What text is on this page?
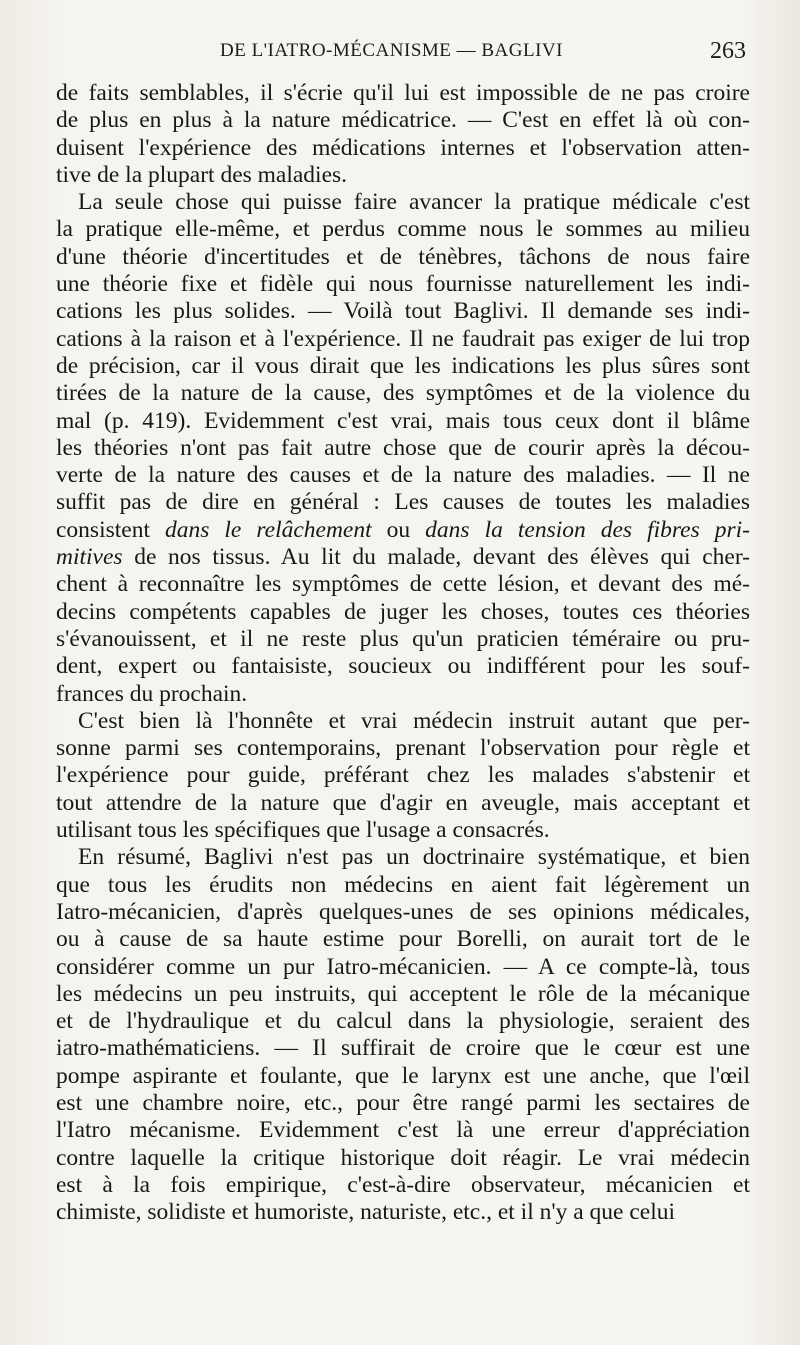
DE L'IATRO-MÉCANISME — BAGLIVI	263
de faits semblables, il s'écrie qu'il lui est impossible de ne pas croire
de plus en plus à la nature médicatrice. — C'est en effet là où con-
duisent l'expérience des médications internes et l'observation atten-
tive de la plupart des maladies.
La seule chose qui puisse faire avancer la pratique médicale c'est
la pratique elle-même, et perdus comme nous le sommes au milieu
d'une théorie d'incertitudes et de ténèbres, tâchons de nous faire
une théorie fixe et fidèle qui nous fournisse naturellement les indi-
cations les plus solides. — Voilà tout Baglivi. Il demande ses indi-
cations à la raison et à l'expérience. Il ne faudrait pas exiger de lui trop
de précision, car il vous dirait que les indications les plus sûres sont
tirées de la nature de la cause, des symptômes et de la violence du
mal (p. 419). Evidemment c'est vrai, mais tous ceux dont il blâme
les théories n'ont pas fait autre chose que de courir après la décou-
verte de la nature des causes et de la nature des maladies. — Il ne
suffit pas de dire en général : Les causes de toutes les maladies
consistent dans le relâchement ou dans la tension des fibres pri-
mitives de nos tissus. Au lit du malade, devant des élèves qui cher-
chent à reconnaître les symptômes de cette lésion, et devant des mé-
decins compétents capables de juger les choses, toutes ces théories
s'évanouissent, et il ne reste plus qu'un praticien téméraire ou pru-
dent, expert ou fantaisiste, soucieux ou indifférent pour les souf-
frances du prochain.
C'est bien là l'honnête et vrai médecin instruit autant que per-
sonne parmi ses contemporains, prenant l'observation pour règle et
l'expérience pour guide, préférant chez les malades s'abstenir et
tout attendre de la nature que d'agir en aveugle, mais acceptant et
utilisant tous les spécifiques que l'usage a consacrés.
En résumé, Baglivi n'est pas un doctrinaire systématique, et bien
que tous les érudits non médecins en aient fait légèrement un
Iatro-mécanicien, d'après quelques-unes de ses opinions médicales,
ou à cause de sa haute estime pour Borelli, on aurait tort de le
considérer comme un pur Iatro-mécanicien. — A ce compte-là, tous
les médecins un peu instruits, qui acceptent le rôle de la mécanique
et de l'hydraulique et du calcul dans la physiologie, seraient des
iatro-mathématiciens. — Il suffirait de croire que le cœur est une
pompe aspirante et foulante, que le larynx est une anche, que l'œil
est une chambre noire, etc., pour être rangé parmi les sectaires de
l'Iatro mécanisme. Evidemment c'est là une erreur d'appréciation
contre laquelle la critique historique doit réagir. Le vrai médecin
est à la fois empirique, c'est-à-dire observateur, mécanicien et
chimiste, solidiste et humoriste, naturiste, etc., et il n'y a que celui
